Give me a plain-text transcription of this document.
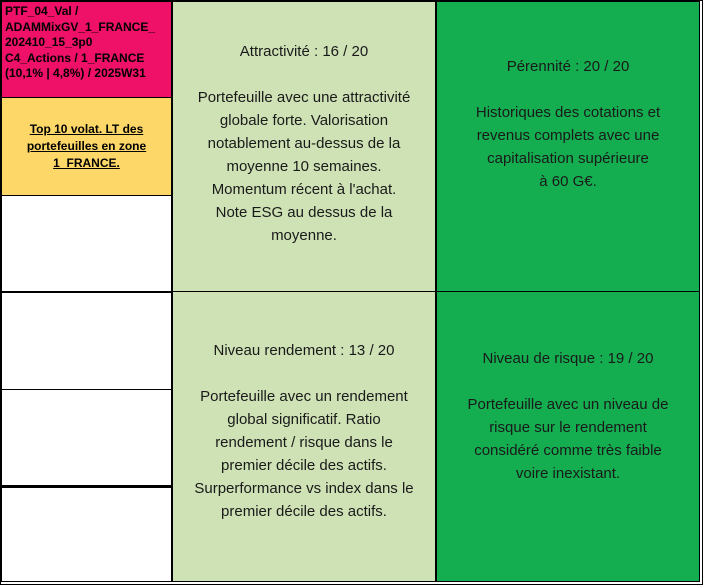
PTF_04_Val /
ADAMMixGV_1_FRANCE_
202410_15_3p0
C4_Actions / 1_FRANCE
(10,1% | 4,8%) / 2025W31
Top 10 volat. LT des portefeuilles en zone 1_FRANCE.
Attractivité : 16 / 20
Portefeuille avec une attractivité
globale forte. Valorisation
notablement au-dessus de la
moyenne 10 semaines.
Momentum récent à l'achat.
Note ESG au dessus de la
moyenne.
Pérennité : 20 / 20
Historiques des cotations et
revenus complets avec une
capitalisation supérieure
à 60 G€.
Niveau rendement : 13 / 20
Portefeuille avec un rendement
global significatif. Ratio
rendement / risque dans le
premier décile des actifs.
Surperformance vs index dans le
premier décile des actifs.
Niveau de risque : 19 / 20
Portefeuille avec un niveau de
risque sur le rendement
considéré comme très faible
voire inexistant.
